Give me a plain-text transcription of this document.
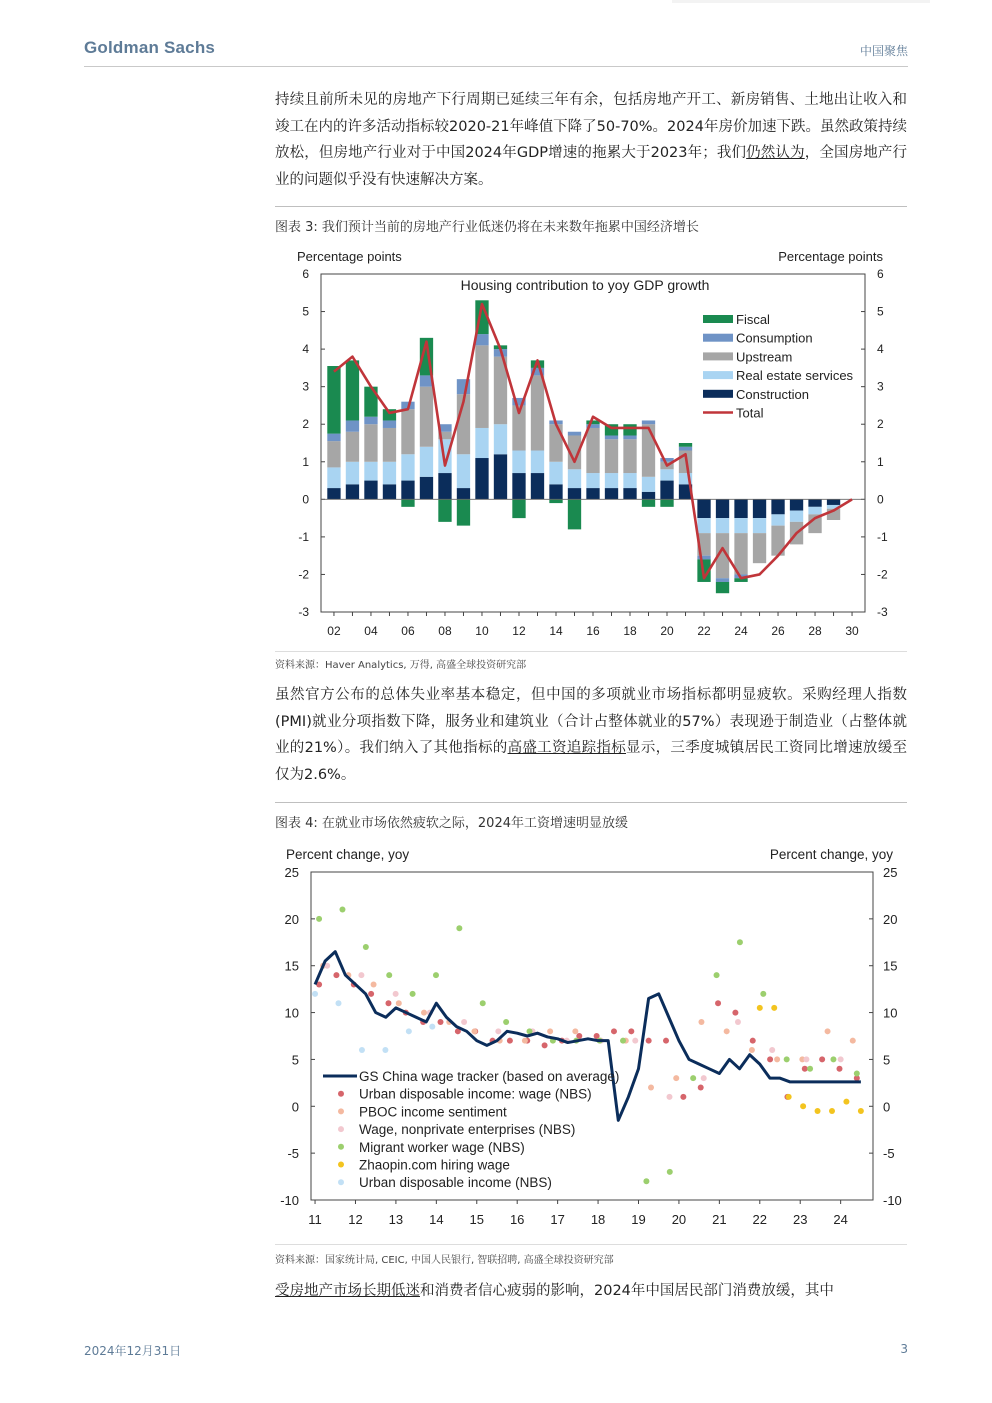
Goldman Sachs	中国聚焦

持续且前所未见的房地产下行周期已延续三年有余，包括房地产开工、新房销售、土地出让收入和竣工在内的许多活动指标较2020-21年峰值下降了50-70%。2024年房价加速下跌。虽然政策持续放松，但房地产行业对于中国2024年GDP增速的拖累大于2023年；我们仍然认为，全国房地产行业的问题似乎没有快速解决方案。

图表 3: 我们预计当前的房地产行业低迷仍将在未来数年拖累中国经济增长
Percentage points	Percentage points
Housing contribution to yoy GDP growth
6	6
5	5
4	4
3	3
2	2
1	1
0	0
-1	-1
-2	-2
-3	-3
02 04 06 08 10 12 14 16 18 20 22 24 26 28 30
Fiscal
Consumption
Upstream
Real estate services
Construction
Total
资料来源：Haver Analytics, 万得, 高盛全球投资研究部

虽然官方公布的总体失业率基本稳定，但中国的多项就业市场指标都明显疲软。采购经理人指数(PMI)就业分项指数下降，服务业和建筑业（合计占整体就业的57%）表现逊于制造业（占整体就业的21%）。我们纳入了其他指标的高盛工资追踪指标显示，三季度城镇居民工资同比增速放缓至仅为2.6%。

图表 4: 在就业市场依然疲软之际，2024年工资增速明显放缓
Percent change, yoy	Percent change, yoy
25	25
20	20
15	15
10	10
5	5
0	0
-5	-5
-10	-10
11 12 13 14 15 16 17 18 19 20 21 22 23 24
GS China wage tracker (based on average)
Urban disposable income: wage (NBS)
PBOC income sentiment
Wage, nonprivate enterprises (NBS)
Migrant worker wage (NBS)
Zhaopin.com hiring wage
Urban disposable income (NBS)
资料来源：国家统计局, CEIC, 中国人民银行, 智联招聘, 高盛全球投资研究部

受房地产市场长期低迷和消费者信心疲弱的影响，2024年中国居民部门消费放缓，其中

2024年12月31日	3
